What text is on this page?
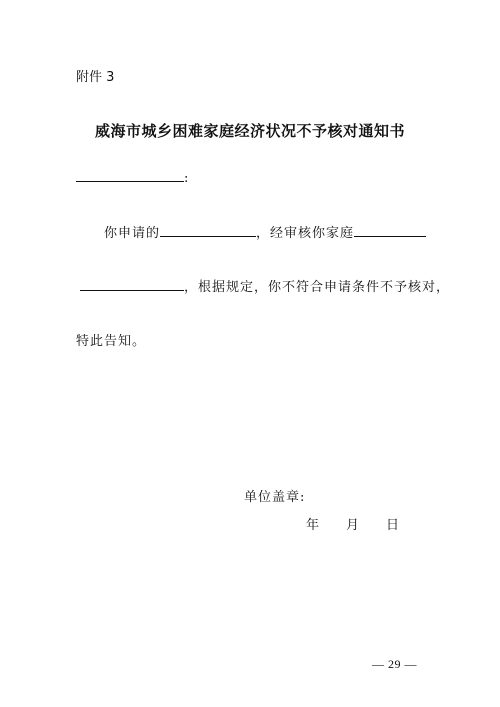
附件 3
威海市城乡困难家庭经济状况不予核对通知书
:
你申请的	，经审核你家庭
，根据规定，你不符合申请条件不予核对，
特此告知。
单位盖章:
年 月 日
— 29 —
